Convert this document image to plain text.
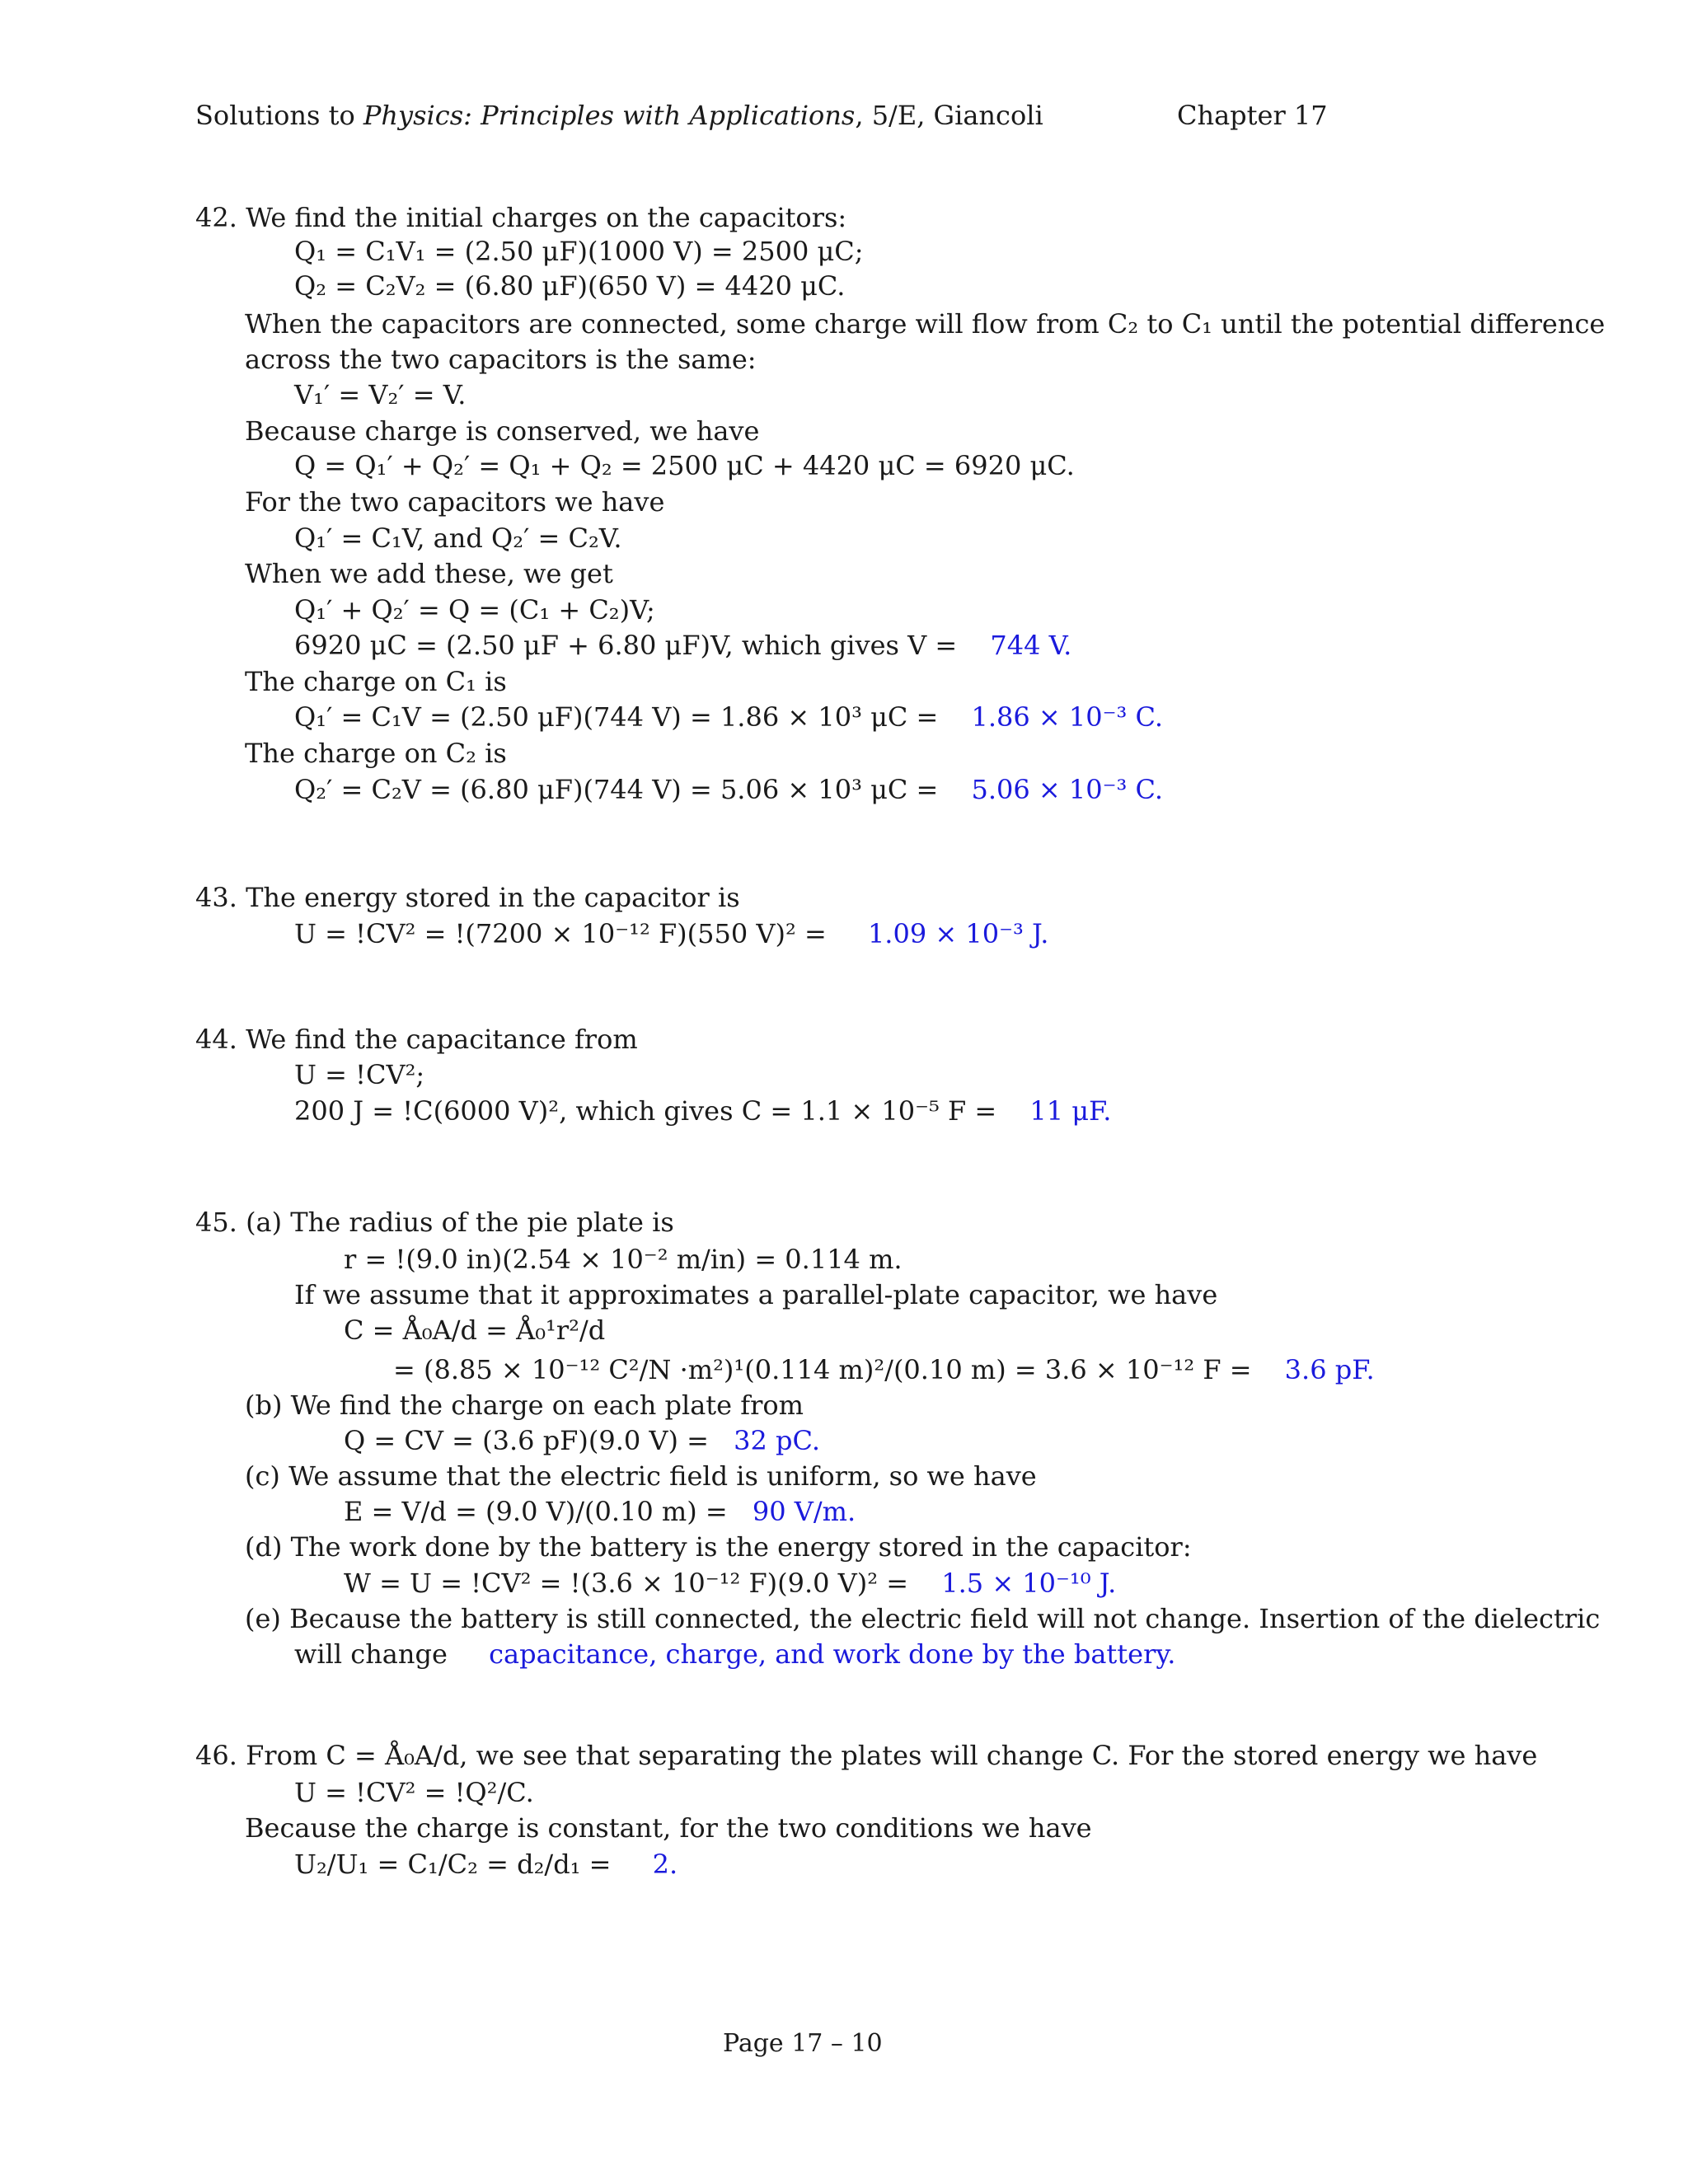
Solutions to Physics: Principles with Applications, 5/E, Giancoli	Chapter 17
42. We find the initial charges on the capacitors:
Q₁ = C₁V₁ = (2.50 μF)(1000 V) = 2500 μC;
Q₂ = C₂V₂ = (6.80 μF)(650 V) = 4420 μC.
When the capacitors are connected, some charge will flow from C₂ to C₁ until the potential difference
across the two capacitors is the same:
V₁′ = V₂′ = V.
Because charge is conserved, we have
Q = Q₁′ + Q₂′ = Q₁ + Q₂ = 2500 μC + 4420 μC = 6920 μC.
For the two capacitors we have
Q₁′ = C₁V, and Q₂′ = C₂V.
When we add these, we get
Q₁′ + Q₂′ = Q = (C₁ + C₂)V;
6920 μC = (2.50 μF + 6.80 μF)V, which gives V = 744 V.
The charge on C₁ is
Q₁′ = C₁V = (2.50 μF)(744 V) = 1.86 × 10³ μC = 1.86 × 10⁻³ C.
The charge on C₂ is
Q₂′ = C₂V = (6.80 μF)(744 V) = 5.06 × 10³ μC = 5.06 × 10⁻³ C.
43. The energy stored in the capacitor is
U = !CV² = !(7200 × 10⁻¹² F)(550 V)² = 1.09 × 10⁻³ J.
44. We find the capacitance from
U = !CV²;
200 J = !C(6000 V)², which gives C = 1.1 × 10⁻⁵ F = 11 μF.
45. (a) The radius of the pie plate is
r = !(9.0 in)(2.54 × 10⁻² m/in) = 0.114 m.
If we assume that it approximates a parallel-plate capacitor, we have
C = Å₀A/d = Å₀¹r²/d
= (8.85 × 10⁻¹² C²/N ·m²)¹(0.114 m)²/(0.10 m) = 3.6 × 10⁻¹² F = 3.6 pF.
(b) We find the charge on each plate from
Q = CV = (3.6 pF)(9.0 V) = 32 pC.
(c) We assume that the electric field is uniform, so we have
E = V/d = (9.0 V)/(0.10 m) = 90 V/m.
(d) The work done by the battery is the energy stored in the capacitor:
W = U = !CV² = !(3.6 × 10⁻¹² F)(9.0 V)² = 1.5 × 10⁻¹⁰ J.
(e) Because the battery is still connected, the electric field will not change. Insertion of the dielectric
will change capacitance, charge, and work done by the battery.
46. From C = Å₀A/d, we see that separating the plates will change C. For the stored energy we have
U = !CV² = !Q²/C.
Because the charge is constant, for the two conditions we have
U₂/U₁ = C₁/C₂ = d₂/d₁ = 2.
Page 17 – 10
